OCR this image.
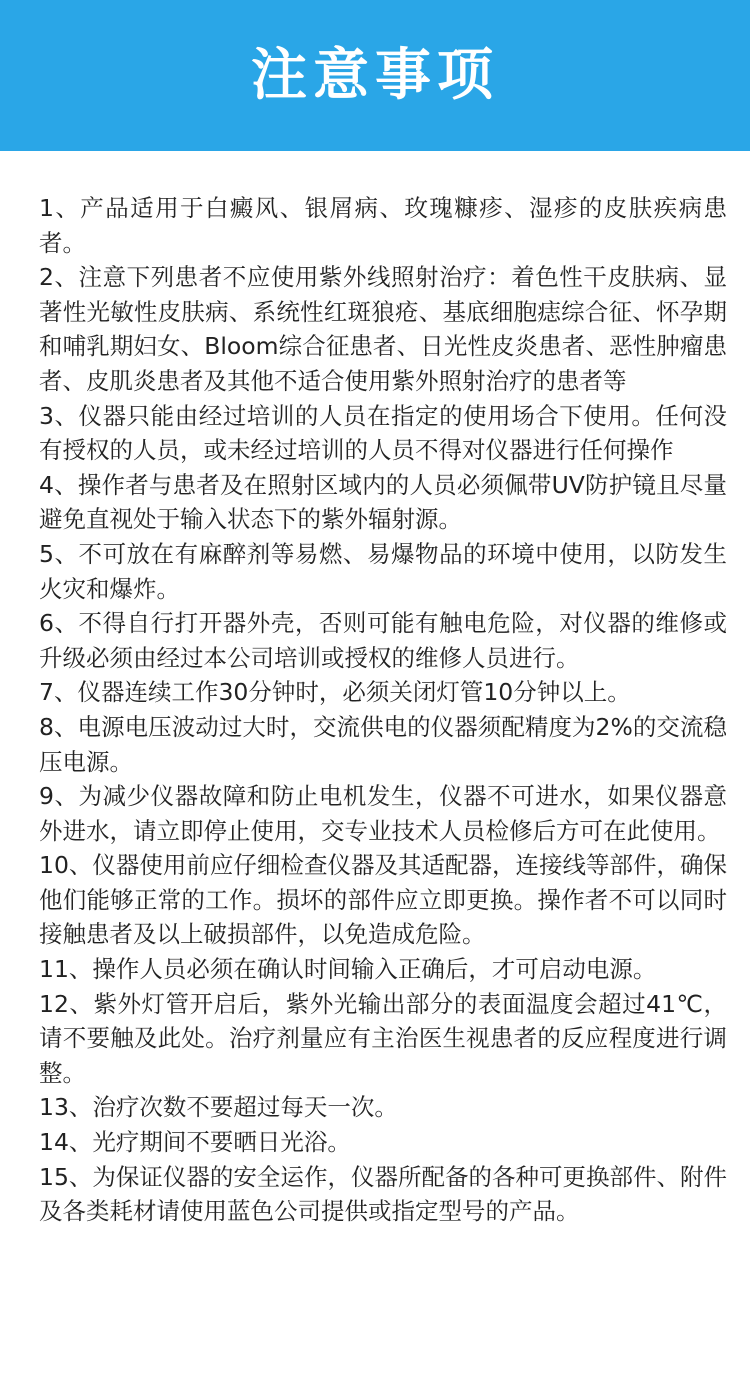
注意事项
1、产品适用于白癜风、银屑病、玫瑰糠疹、湿疹的皮肤疾病患者。
2、注意下列患者不应使用紫外线照射治疗：着色性干皮肤病、显著性光敏性皮肤病、系统性红斑狼疮、基底细胞痣综合征、怀孕期和哺乳期妇女、Bloom综合征患者、日光性皮炎患者、恶性肿瘤患者、皮肌炎患者及其他不适合使用紫外照射治疗的患者等
3、仪器只能由经过培训的人员在指定的使用场合下使用。任何没有授权的人员，或未经过培训的人员不得对仪器进行任何操作
4、操作者与患者及在照射区域内的人员必须佩带UV防护镜且尽量避免直视处于输入状态下的紫外辐射源。
5、不可放在有麻醉剂等易燃、易爆物品的环境中使用，以防发生火灾和爆炸。
6、不得自行打开器外壳，否则可能有触电危险，对仪器的维修或升级必须由经过本公司培训或授权的维修人员进行。
7、仪器连续工作30分钟时，必须关闭灯管10分钟以上。
8、电源电压波动过大时，交流供电的仪器须配精度为2%的交流稳压电源。
9、为减少仪器故障和防止电机发生，仪器不可进水，如果仪器意外进水，请立即停止使用，交专业技术人员检修后方可在此使用。
10、仪器使用前应仔细检查仪器及其适配器，连接线等部件，确保他们能够正常的工作。损坏的部件应立即更换。操作者不可以同时接触患者及以上破损部件，以免造成危险。
11、操作人员必须在确认时间输入正确后，才可启动电源。
12、紫外灯管开启后，紫外光输出部分的表面温度会超过41℃，请不要触及此处。治疗剂量应有主治医生视患者的反应程度进行调整。
13、治疗次数不要超过每天一次。
14、光疗期间不要晒日光浴。
15、为保证仪器的安全运作，仪器所配备的各种可更换部件、附件及各类耗材请使用蓝色公司提供或指定型号的产品。
